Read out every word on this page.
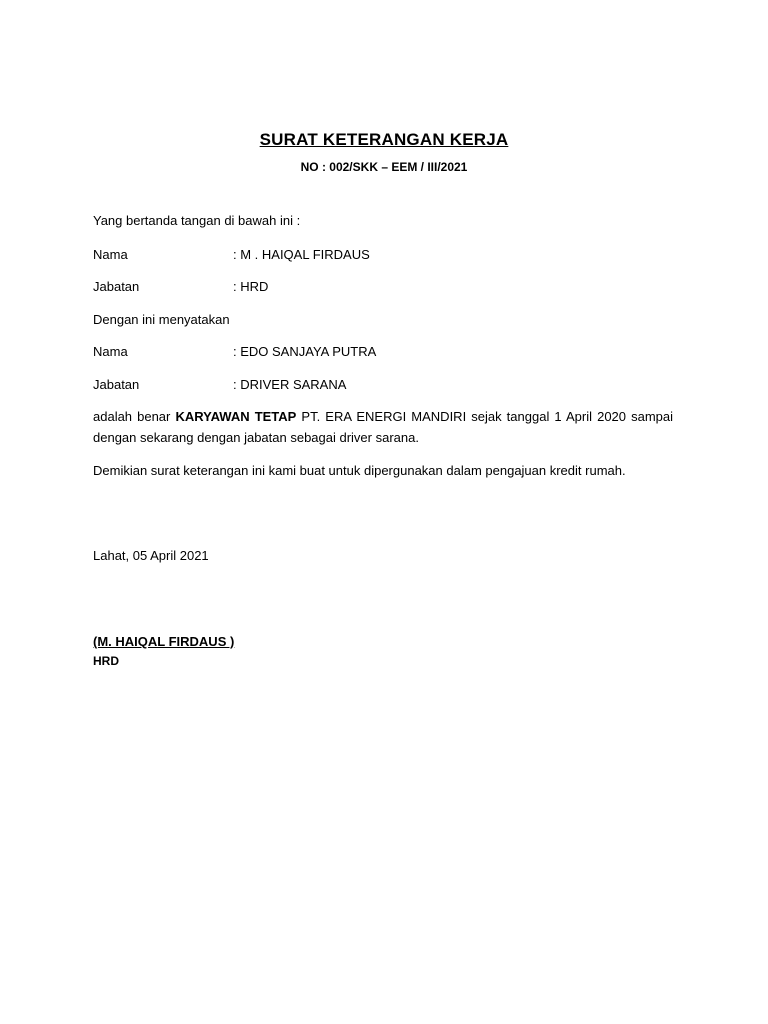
SURAT KETERANGAN KERJA
NO : 002/SKK – EEM / III/2021
Yang bertanda tangan di bawah ini :
Nama	: M . HAIQAL FIRDAUS
Jabatan	: HRD
Dengan ini menyatakan
Nama	: EDO SANJAYA PUTRA
Jabatan	: DRIVER SARANA
adalah benar KARYAWAN TETAP PT. ERA ENERGI MANDIRI sejak tanggal 1 April 2020 sampai dengan sekarang dengan jabatan sebagai driver sarana.
Demikian surat keterangan ini kami buat untuk dipergunakan dalam pengajuan kredit rumah.
Lahat, 05 April 2021
(M. HAIQAL FIRDAUS )
HRD
